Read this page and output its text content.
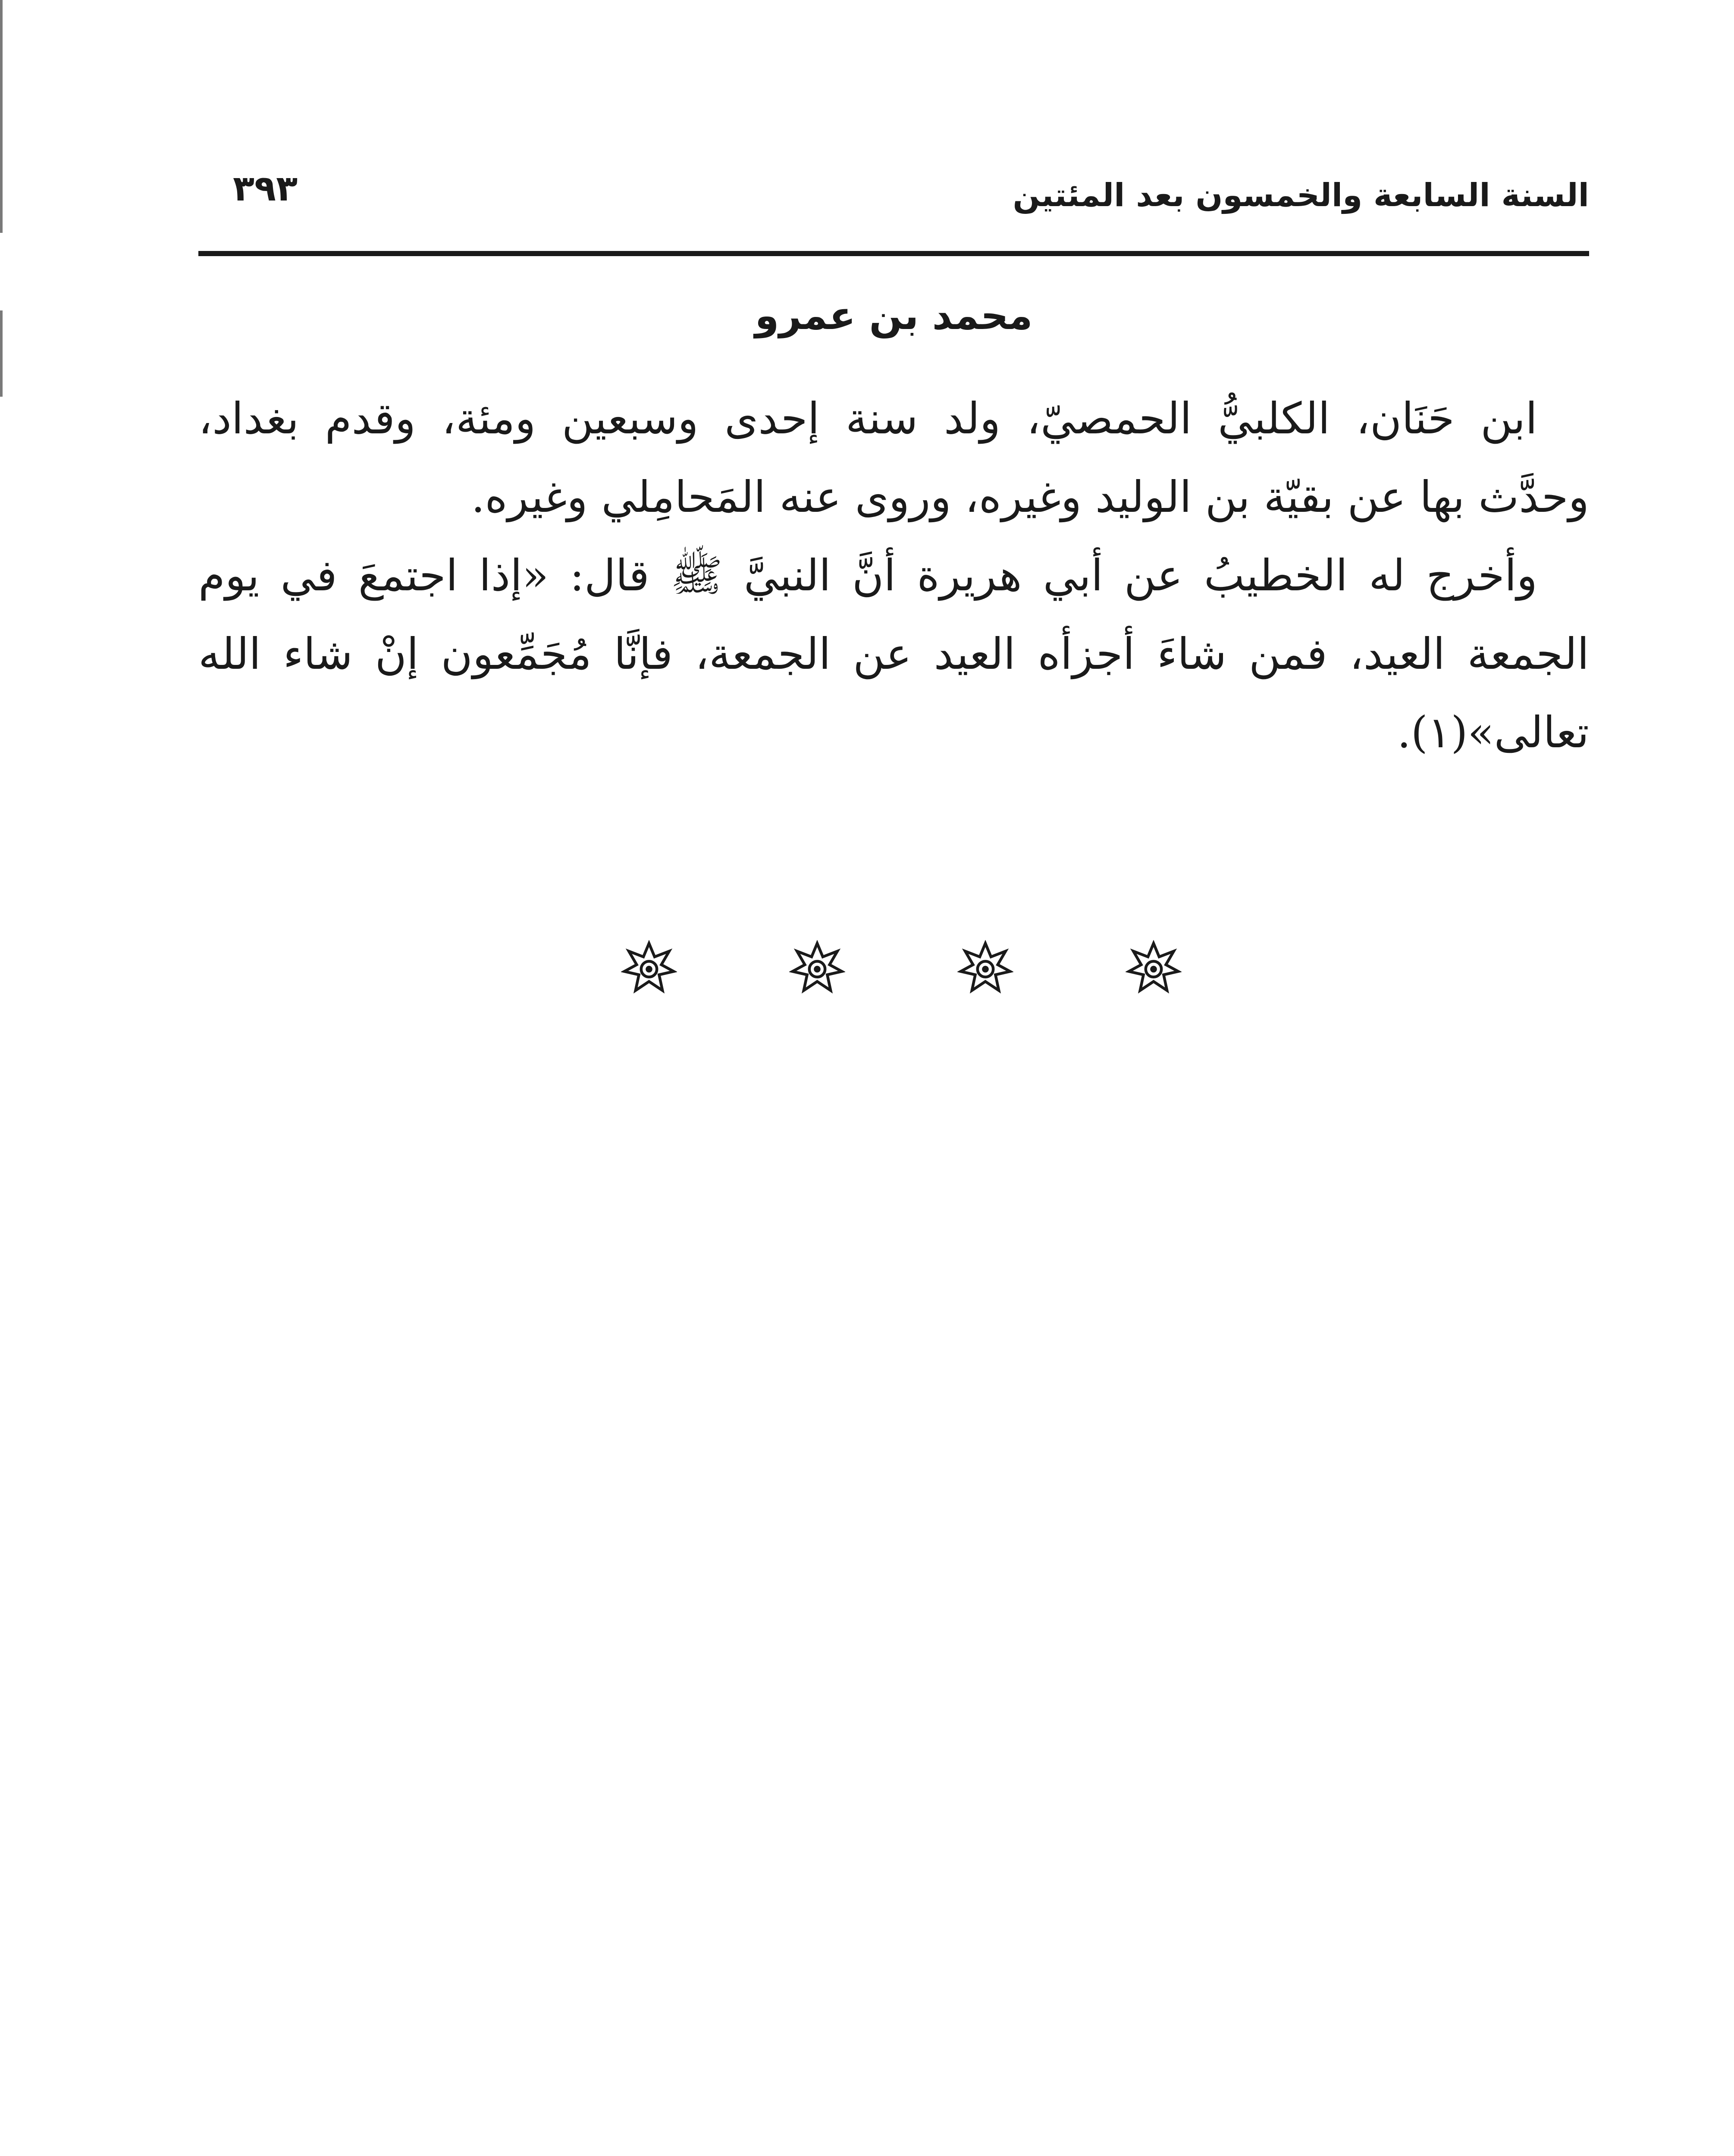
السنة السابعة والخمسون بعد المئتين
٣٩٣
محمد بن عمرو

ابن حَنَان، الكلبيُّ الحمصيّ، ولد سنة إحدى وسبعين ومئة، وقدم بغداد، وحدَّث بها عن بقيّة بن الوليد وغيره، وروى عنه المَحامِلي وغيره.

وأخرج له الخطيبُ عن أبي هريرة أنَّ النبيَّ ﷺ قال: «إذا اجتمعَ في يوم الجمعة العيد، فمن شاءَ أجزأه العيد عن الجمعة، فإنَّا مُجَمِّعون إنْ شاء الله تعالى»(١).
